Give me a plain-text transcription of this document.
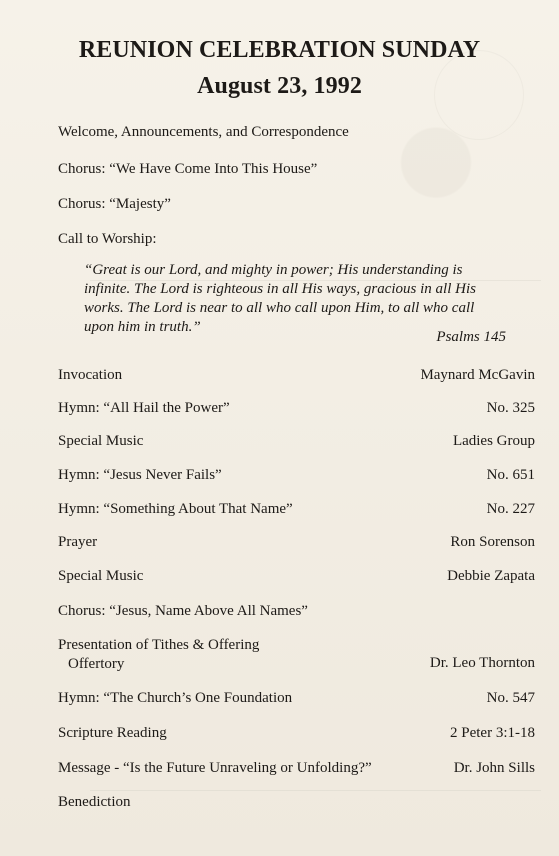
REUNION CELEBRATION SUNDAY
August 23, 1992
Welcome, Announcements, and Correspondence
Chorus: “We Have Come Into This House”
Chorus: “Majesty”
Call to Worship:
“Great is our Lord, and mighty in power; His understanding is infinite. The Lord is righteous in all His ways, gracious in all His works. The Lord is near to all who call upon Him, to all who call upon him in truth.”
Psalms 145
Invocation	Maynard McGavin
Hymn: “All Hail the Power”	No. 325
Special Music	Ladies Group
Hymn: “Jesus Never Fails”	No. 651
Hymn: “Something About That Name”	No. 227
Prayer	Ron Sorenson
Special Music	Debbie Zapata
Chorus: “Jesus, Name Above All Names”
Presentation of Tithes & Offering
Offertory	Dr. Leo Thornton
Hymn: “The Church’s One Foundation	No. 547
Scripture Reading	2 Peter 3:1-18
Message - “Is the Future Unraveling or Unfolding?”	Dr. John Sills
Benediction
